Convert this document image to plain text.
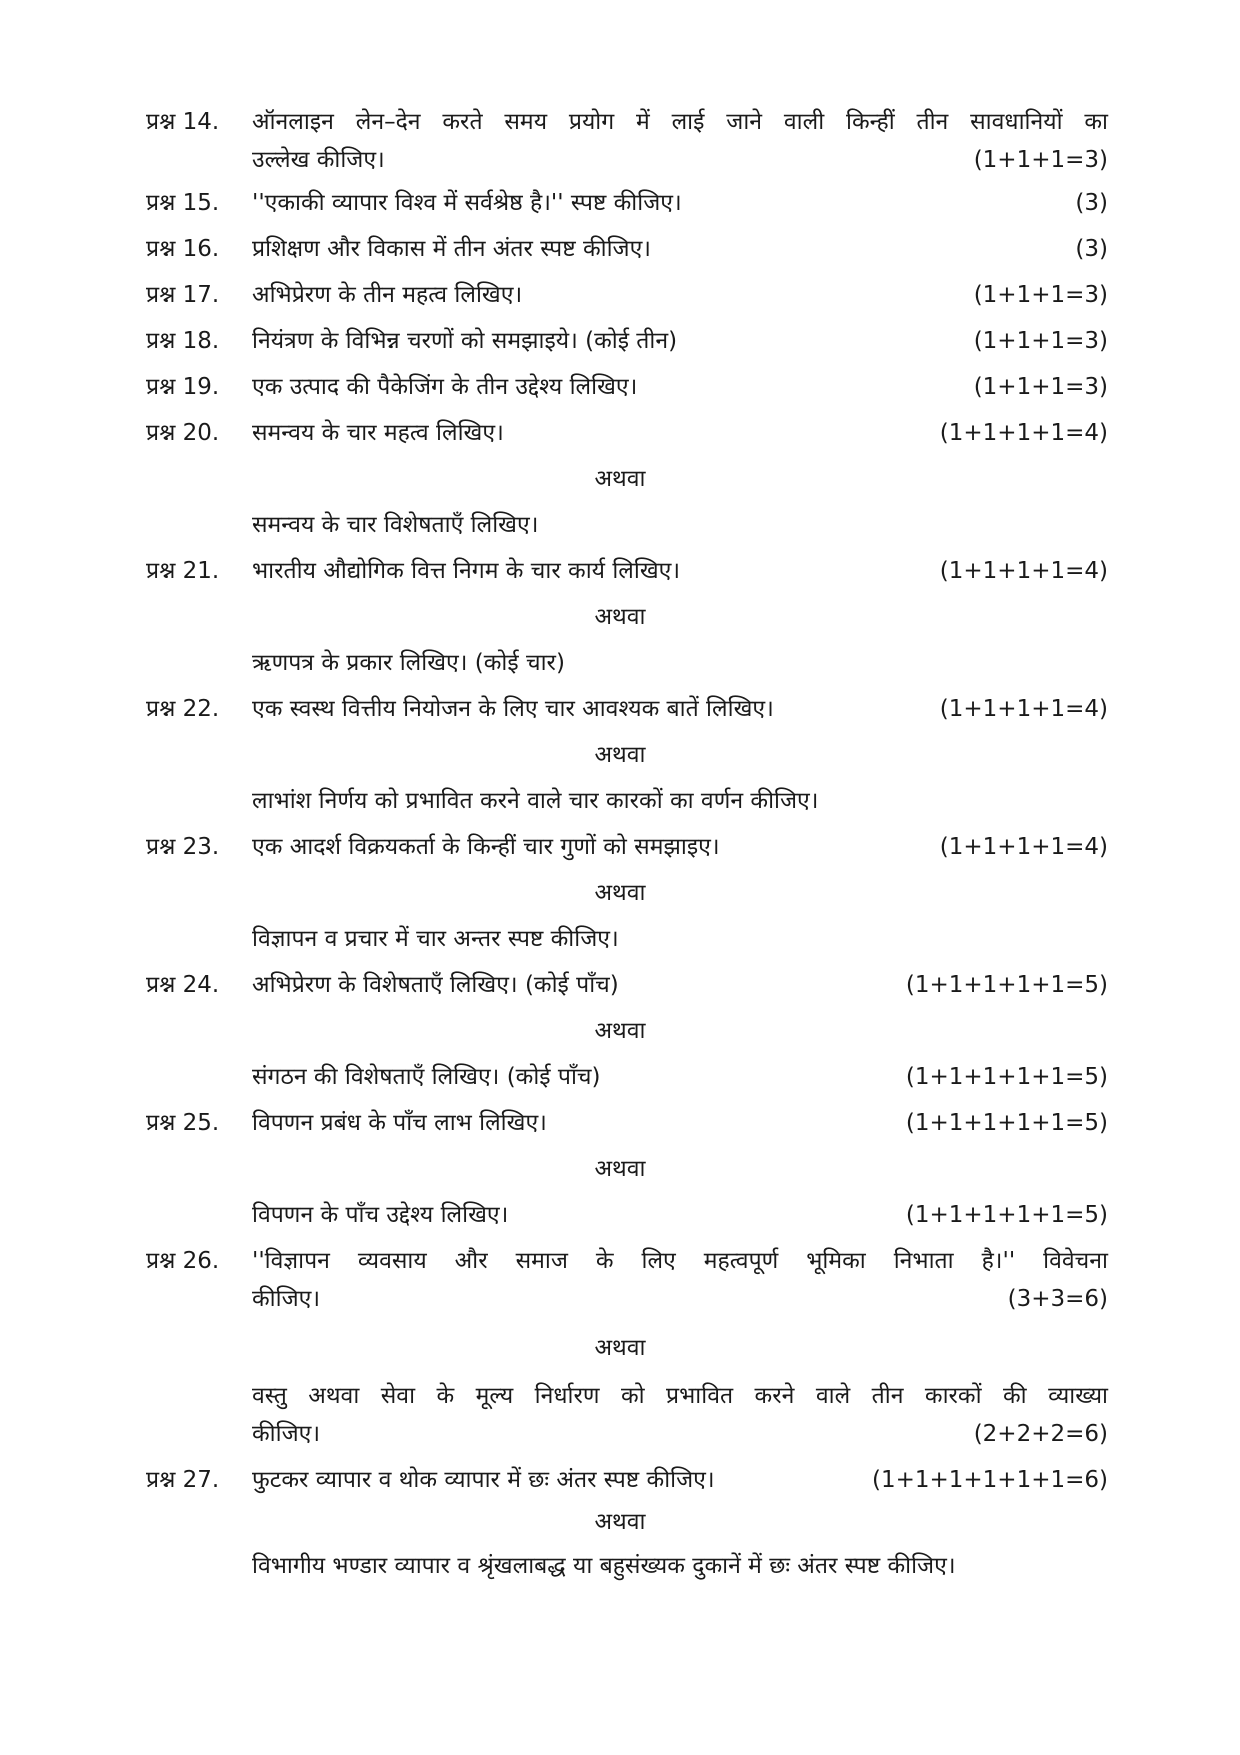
प्रश्न 14. ऑनलाइन लेन–देन करते समय प्रयोग में लाई जाने वाली किन्हीं तीन सावधानियों का
उल्लेख कीजिए।	(1+1+1=3)
प्रश्न 15. ''एकाकी व्यापार विश्व में सर्वश्रेष्ठ है।'' स्पष्ट कीजिए।	(3)
प्रश्न 16. प्रशिक्षण और विकास में तीन अंतर स्पष्ट कीजिए।	(3)
प्रश्न 17. अभिप्रेरण के तीन महत्व लिखिए।	(1+1+1=3)
प्रश्न 18. नियंत्रण के विभिन्न चरणों को समझाइये। (कोई तीन)	(1+1+1=3)
प्रश्न 19. एक उत्पाद की पैकेजिंग के तीन उद्देश्य लिखिए।	(1+1+1=3)
प्रश्न 20. समन्वय के चार महत्व लिखिए।	(1+1+1+1=4)
अथवा
समन्वय के चार विशेषताएँ लिखिए।
प्रश्न 21. भारतीय औद्योगिक वित्त निगम के चार कार्य लिखिए।	(1+1+1+1=4)
अथवा
ऋणपत्र के प्रकार लिखिए। (कोई चार)
प्रश्न 22. एक स्वस्थ वित्तीय नियोजन के लिए चार आवश्यक बातें लिखिए।	(1+1+1+1=4)
अथवा
लाभांश निर्णय को प्रभावित करने वाले चार कारकों का वर्णन कीजिए।
प्रश्न 23. एक आदर्श विक्रयकर्ता के किन्हीं चार गुणों को समझाइए।	(1+1+1+1=4)
अथवा
विज्ञापन व प्रचार में चार अन्तर स्पष्ट कीजिए।
प्रश्न 24. अभिप्रेरण के विशेषताएँ लिखिए। (कोई पाँच)	(1+1+1+1+1=5)
अथवा
संगठन की विशेषताएँ लिखिए। (कोई पाँच)	(1+1+1+1+1=5)
प्रश्न 25. विपणन प्रबंध के पाँच लाभ लिखिए।	(1+1+1+1+1=5)
अथवा
विपणन के पाँच उद्देश्य लिखिए।	(1+1+1+1+1=5)
प्रश्न 26. ''विज्ञापन व्यवसाय और समाज के लिए महत्वपूर्ण भूमिका निभाता है।'' विवेचना
कीजिए।	(3+3=6)
अथवा
वस्तु अथवा सेवा के मूल्य निर्धारण को प्रभावित करने वाले तीन कारकों की व्याख्या
कीजिए।	(2+2+2=6)
प्रश्न 27. फुटकर व्यापार व थोक व्यापार में छः अंतर स्पष्ट कीजिए।	(1+1+1+1+1+1=6)
अथवा
विभागीय भण्डार व्यापार व श्रृंखलाबद्ध या बहुसंख्यक दुकानें में छः अंतर स्पष्ट कीजिए।
